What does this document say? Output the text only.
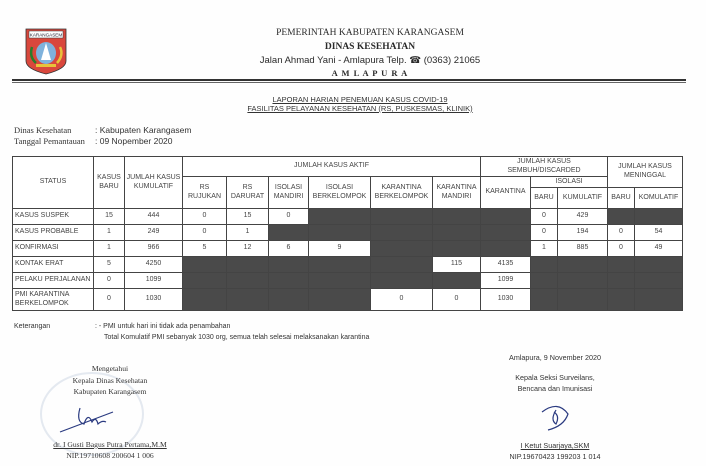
KARANGASEM	PEMERINTAH KABUPATEN KARANGASEM
DINAS KESEHATAN
Jalan Ahmad Yani - Amlapura Telp. ☎ (0363) 21065
A M L A P U R A
LAPORAN HARIAN PENEMUAN KASUS COVID-19
FASILITAS PELAYANAN KESEHATAN (RS, PUSKESMAS, KLINIK)
Dinas Kesehatan	: Kabupaten Karangasem
Tanggal Pemantauan : 09 Nopember 2020
STATUS	KASUS BARU	JUMLAH KASUS KUMULATIF	JUMLAH KASUS AKTIF						JUMLAH KASUS SEMBUH/DISCARDED			JUMLAH KASUS MENINGGAL	
			RS RUJUKAN	RS DARURAT	ISOLASI MANDIRI	ISOLASI BERKELOMPOK	KARANTINA BERKELOMPOK	KARANTINA MANDIRI	KARANTINA	ISOLASI			
										BARU	KUMULATIF	BARU	KOMULATIF
KASUS SUSPEK	15	444	0	15	0					0	429		
KASUS PROBABLE	1	249	0	1						0	194	0	54
KONFIRMASI	1	966	5	12	6	9				1	885	0	49
KONTAK ERAT	5	4250						115	4135				
PELAKU PERJALANAN	0	1099							1099				
PMI KARANTINA BERKELOMPOK	0	1030					0	0	1030				
Keterangan	: - PMI untuk hari ini tidak ada penambahan
Total Komulatif PMI sebanyak 1030 org, semua telah selesai melaksanakan karantina
Mengetahui
Kepala Dinas Kesehatan
Kabupaten Karangasem
dr. I Gusti Bagus Putra Pertama,M.M
NIP.19710608 200604 1 006
Amlapura, 9 November 2020
Kepala Seksi Surveilans,
Bencana dan Imunisasi
I Ketut Suarjaya,SKM
NIP.19670423 199203 1 014
